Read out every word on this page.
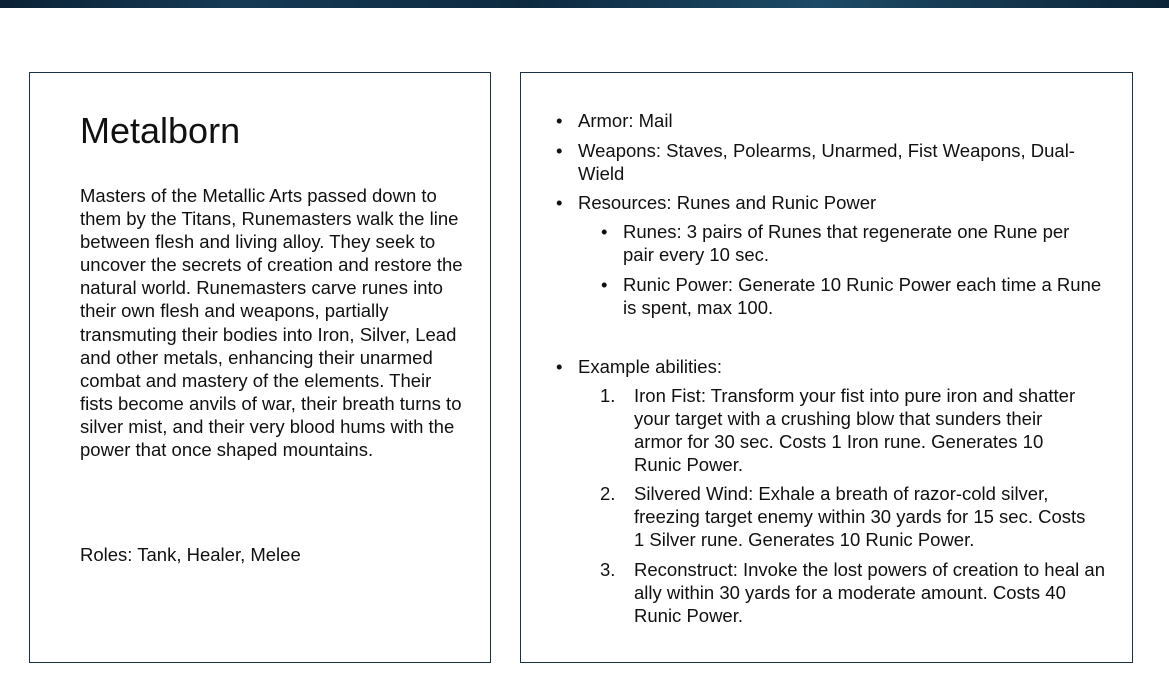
Metalborn

Masters of the Metallic Arts passed down to them by the Titans, Runemasters walk the line between flesh and living alloy. They seek to uncover the secrets of creation and restore the natural world. Runemasters carve runes into their own flesh and weapons, partially transmuting their bodies into Iron, Silver, Lead and other metals, enhancing their unarmed combat and mastery of the elements. Their fists become anvils of war, their breath turns to silver mist, and their very blood hums with the power that once shaped mountains.

Roles: Tank, Healer, Melee

• Armor: Mail
• Weapons: Staves, Polearms, Unarmed, Fist Weapons, Dual-Wield
• Resources: Runes and Runic Power
• Runes: 3 pairs of Runes that regenerate one Rune per pair every 10 sec.
• Runic Power: Generate 10 Runic Power each time a Rune is spent, max 100.
• Example abilities:
1. Iron Fist: Transform your fist into pure iron and shatter your target with a crushing blow that sunders their armor for 30 sec. Costs 1 Iron rune. Generates 10 Runic Power.
2. Silvered Wind: Exhale a breath of razor-cold silver, freezing target enemy within 30 yards for 15 sec. Costs 1 Silver rune. Generates 10 Runic Power.
3. Reconstruct: Invoke the lost powers of creation to heal an ally within 30 yards for a moderate amount. Costs 40 Runic Power.
